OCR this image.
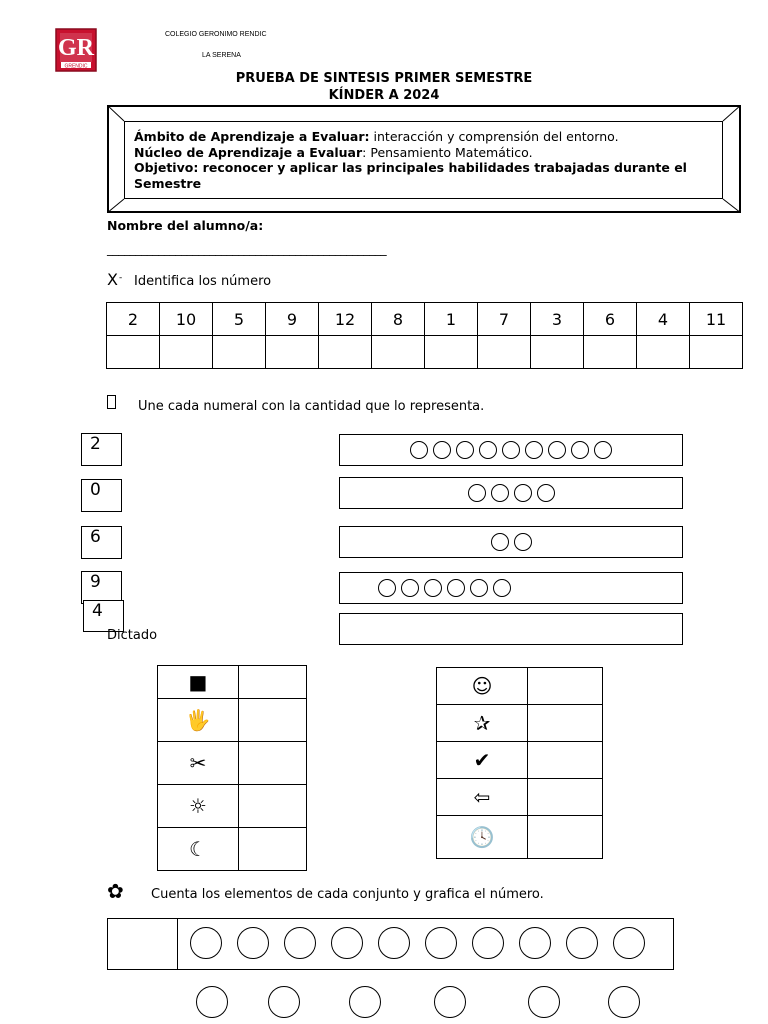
GR
GRENDIC
COLEGIO GERONIMO RENDIC
LA SERENA
PRUEBA DE SINTESIS PRIMER SEMESTRE
KÍNDER A 2024
Ámbito de Aprendizaje a Evaluar: interacción y comprensión del entorno.
Núcleo de Aprendizaje a Evaluar: Pensamiento Matemático.
Objetivo: reconocer y aplicar las principales habilidades trabajadas durante el Semestre
Nombre del alumno/a:
_________________________________________________
X - Identifica los número
2	10	5	9	12	8	1	7	3	6	4	11

Une cada numeral con la cantidad que lo representa.
2
0
6
9
4
Dictado
■	
🖐	
✂	
☼	
☾	
☺	
✰	
✔	
⇦	
🕓	
✿ Cuenta los elementos de cada conjunto y grafica el número.
